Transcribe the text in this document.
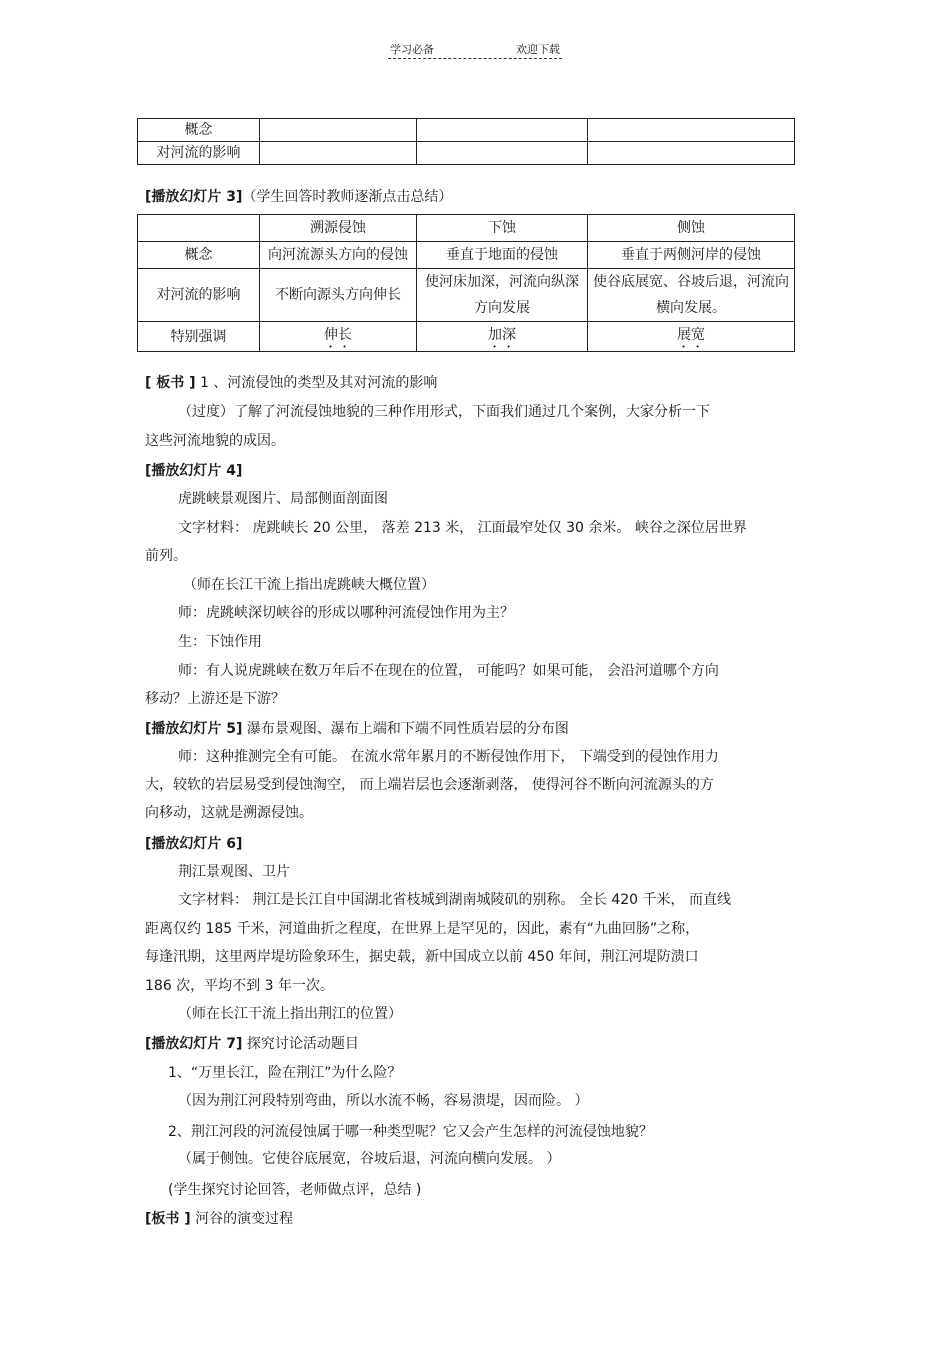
学习必备	欢迎下载
概念			
对河流的影响			
[播放幻灯片 3]（学生回答时教师逐渐点击总结）
	溯源侵蚀	下蚀	侧蚀
概念	向河流源头方向的侵蚀	垂直于地面的侵蚀	垂直于两侧河岸的侵蚀
对河流的影响	不断向源头方向伸长	使河床加深，河流向纵深方向发展	使谷底展宽、谷坡后退，河流向横向发展。
特别强调	伸长	加深	展宽
[ 板书 ] 1 、河流侵蚀的类型及其对河流的影响
（过度）了解了河流侵蚀地貌的三种作用形式，下面我们通过几个案例，大家分析一下
这些河流地貌的成因。
[播放幻灯片 4]
虎跳峡景观图片、局部侧面剖面图
文字材料： 虎跳峡长 20 公里， 落差 213 米， 江面最窄处仅 30 余米。 峡谷之深位居世界
前列。
（师在长江干流上指出虎跳峡大概位置）
师：虎跳峡深切峡谷的形成以哪种河流侵蚀作用为主？
生：下蚀作用
师：有人说虎跳峡在数万年后不在现在的位置， 可能吗？如果可能， 会沿河道哪个方向
移动？上游还是下游？
[播放幻灯片 5] 瀑布景观图、瀑布上端和下端不同性质岩层的分布图
师：这种推测完全有可能。 在流水常年累月的不断侵蚀作用下， 下端受到的侵蚀作用力
大，较软的岩层易受到侵蚀淘空， 而上端岩层也会逐渐剥落， 使得河谷不断向河流源头的方
向移动，这就是溯源侵蚀。
[播放幻灯片 6]
荆江景观图、卫片
文字材料： 荆江是长江自中国湖北省枝城到湖南城陵矶的别称。 全长 420 千米， 而直线
距离仅约 185 千米，河道曲折之程度，在世界上是罕见的，因此，素有“九曲回肠”之称，
每逢汛期，这里两岸堤坊险象环生，据史载，新中国成立以前 450 年间，荆江河堤防溃口
186 次，平均不到 3 年一次。
（师在长江干流上指出荆江的位置）
[播放幻灯片 7] 探究讨论活动题目
1、“万里长江，险在荆江”为什么险？
（因为荆江河段特别弯曲，所以水流不畅，容易溃堤，因而险。 ）
2、荆江河段的河流侵蚀属于哪一种类型呢？它又会产生怎样的河流侵蚀地貌？
（属于侧蚀。它使谷底展宽，谷坡后退，河流向横向发展。 ）
(学生探究讨论回答，老师做点评，总结 )
[板书 ] 河谷的演变过程
